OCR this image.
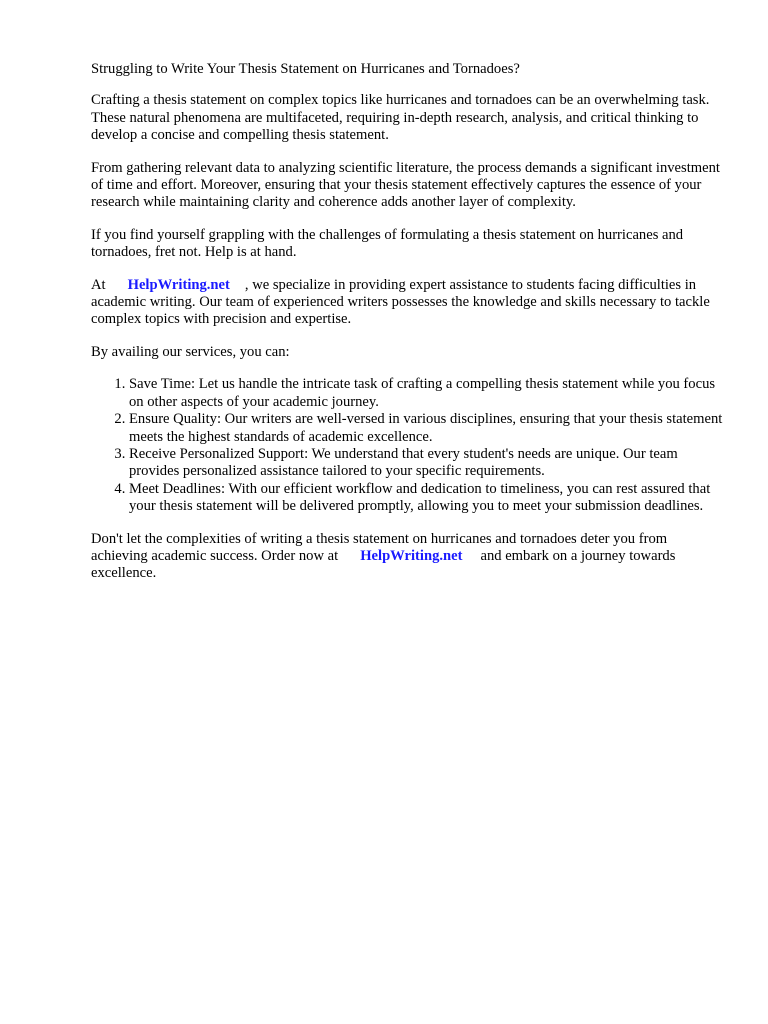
Struggling to Write Your Thesis Statement on Hurricanes and Tornadoes?

Crafting a thesis statement on complex topics like hurricanes and tornadoes can be an overwhelming task. These natural phenomena are multifaceted, requiring in-depth research, analysis, and critical thinking to develop a concise and compelling thesis statement.

From gathering relevant data to analyzing scientific literature, the process demands a significant investment of time and effort. Moreover, ensuring that your thesis statement effectively captures the essence of your research while maintaining clarity and coherence adds another layer of complexity.

If you find yourself grappling with the challenges of formulating a thesis statement on hurricanes and tornadoes, fret not. Help is at hand.

At HelpWriting.net , we specialize in providing expert assistance to students facing difficulties in academic writing. Our team of experienced writers possesses the knowledge and skills necessary to tackle complex topics with precision and expertise.

By availing our services, you can:

1. Save Time: Let us handle the intricate task of crafting a compelling thesis statement while you focus on other aspects of your academic journey.
2. Ensure Quality: Our writers are well-versed in various disciplines, ensuring that your thesis statement meets the highest standards of academic excellence.
3. Receive Personalized Support: We understand that every student's needs are unique. Our team provides personalized assistance tailored to your specific requirements.
4. Meet Deadlines: With our efficient workflow and dedication to timeliness, you can rest assured that your thesis statement will be delivered promptly, allowing you to meet your submission deadlines.

Don't let the complexities of writing a thesis statement on hurricanes and tornadoes deter you from achieving academic success. Order now at HelpWriting.net and embark on a journey towards excellence.
